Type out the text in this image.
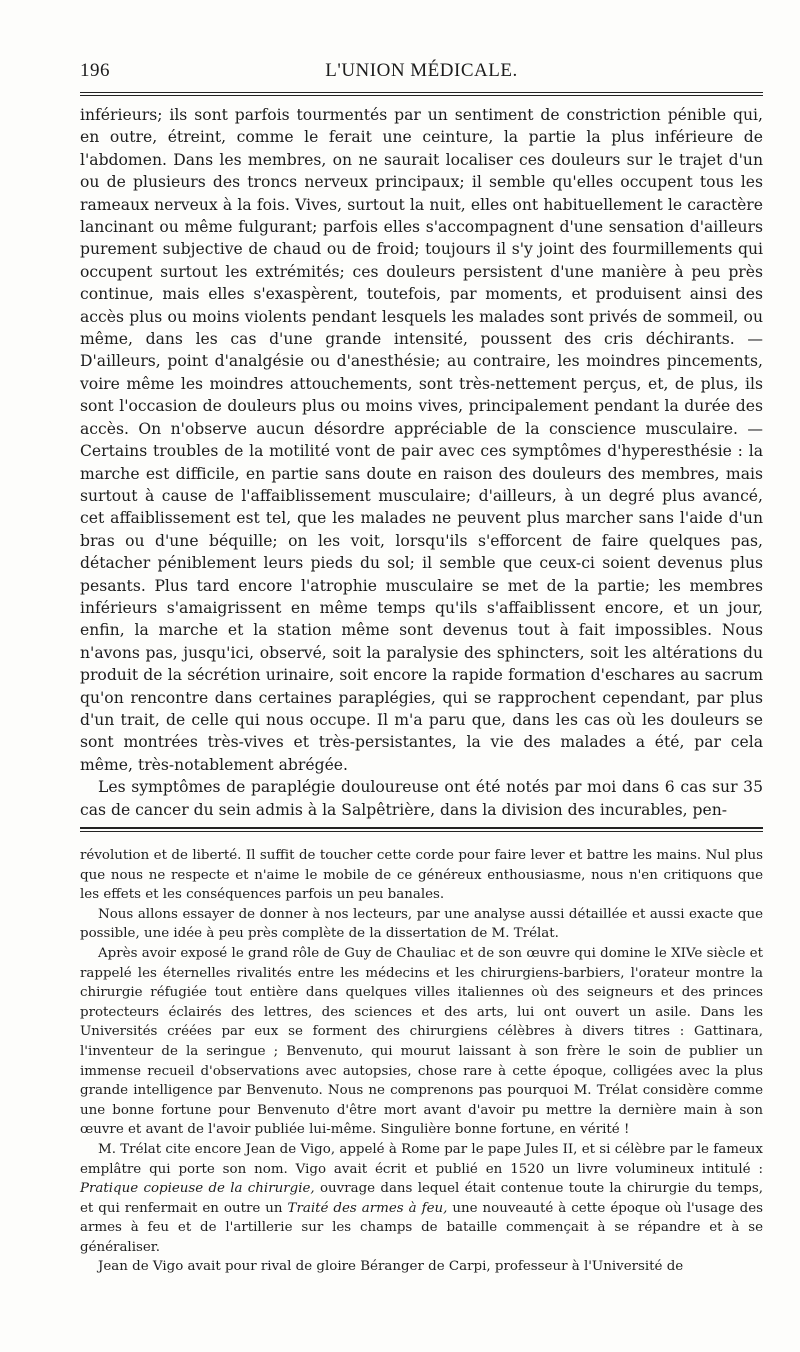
196	L'UNION MÉDICALE.

inférieurs; ils sont parfois tourmentés par un sentiment de constriction pénible qui, en outre, étreint, comme le ferait une ceinture, la partie la plus inférieure de l'abdomen. Dans les membres, on ne saurait localiser ces douleurs sur le trajet d'un ou de plusieurs des troncs nerveux principaux; il semble qu'elles occupent tous les rameaux nerveux à la fois. Vives, surtout la nuit, elles ont habituellement le caractère lancinant ou même fulgurant; parfois elles s'accompagnent d'une sensation d'ailleurs purement subjective de chaud ou de froid; toujours il s'y joint des fourmillements qui occupent surtout les extrémités; ces douleurs persistent d'une manière à peu près continue, mais elles s'exaspèrent, toutefois, par moments, et produisent ainsi des accès plus ou moins violents pendant lesquels les malades sont privés de sommeil, ou même, dans les cas d'une grande intensité, poussent des cris déchirants. — D'ailleurs, point d'analgésie ou d'anesthésie; au contraire, les moindres pincements, voire même les moindres attouchements, sont très-nettement perçus, et, de plus, ils sont l'occasion de douleurs plus ou moins vives, principalement pendant la durée des accès. On n'observe aucun désordre appréciable de la conscience musculaire. — Certains troubles de la motilité vont de pair avec ces symptômes d'hyperesthésie : la marche est difficile, en partie sans doute en raison des douleurs des membres, mais surtout à cause de l'affaiblissement musculaire; d'ailleurs, à un degré plus avancé, cet affaiblissement est tel, que les malades ne peuvent plus marcher sans l'aide d'un bras ou d'une béquille; on les voit, lorsqu'ils s'efforcent de faire quelques pas, détacher péniblement leurs pieds du sol; il semble que ceux-ci soient devenus plus pesants. Plus tard encore l'atrophie musculaire se met de la partie; les membres inférieurs s'amaigrissent en même temps qu'ils s'affaiblissent encore, et un jour, enfin, la marche et la station même sont devenus tout à fait impossibles. Nous n'avons pas, jusqu'ici, observé, soit la paralysie des sphincters, soit les altérations du produit de la sécrétion urinaire, soit encore la rapide formation d'eschares au sacrum qu'on rencontre dans certaines paraplégies, qui se rapprochent cependant, par plus d'un trait, de celle qui nous occupe. Il m'a paru que, dans les cas où les douleurs se sont montrées très-vives et très-persistantes, la vie des malades a été, par cela même, très-notablement abrégée.

Les symptômes de paraplégie douloureuse ont été notés par moi dans 6 cas sur 35 cas de cancer du sein admis à la Salpêtrière, dans la division des incurables, pen-

révolution et de liberté. Il suffit de toucher cette corde pour faire lever et battre les mains. Nul plus que nous ne respecte et n'aime le mobile de ce généreux enthousiasme, nous n'en critiquons que les effets et les conséquences parfois un peu banales.

Nous allons essayer de donner à nos lecteurs, par une analyse aussi détaillée et aussi exacte que possible, une idée à peu près complète de la dissertation de M. Trélat.

Après avoir exposé le grand rôle de Guy de Chauliac et de son œuvre qui domine le XIVe siècle et rappelé les éternelles rivalités entre les médecins et les chirurgiens-barbiers, l'orateur montre la chirurgie réfugiée tout entière dans quelques villes italiennes où des seigneurs et des princes protecteurs éclairés des lettres, des sciences et des arts, lui ont ouvert un asile. Dans les Universités créées par eux se forment des chirurgiens célèbres à divers titres : Gattinara, l'inventeur de la seringue ; Benvenuto, qui mourut laissant à son frère le soin de publier un immense recueil d'observations avec autopsies, chose rare à cette époque, colligées avec la plus grande intelligence par Benvenuto. Nous ne comprenons pas pourquoi M. Trélat considère comme une bonne fortune pour Benvenuto d'être mort avant d'avoir pu mettre la dernière main à son œuvre et avant de l'avoir publiée lui-même. Singulière bonne fortune, en vérité !

M. Trélat cite encore Jean de Vigo, appelé à Rome par le pape Jules II, et si célèbre par le fameux emplâtre qui porte son nom. Vigo avait écrit et publié en 1520 un livre volumineux intitulé : Pratique copieuse de la chirurgie, ouvrage dans lequel était contenue toute la chirurgie du temps, et qui renfermait en outre un Traité des armes à feu, une nouveauté à cette époque où l'usage des armes à feu et de l'artillerie sur les champs de bataille commençait à se répandre et à se généraliser.

Jean de Vigo avait pour rival de gloire Béranger de Carpi, professeur à l'Université de
